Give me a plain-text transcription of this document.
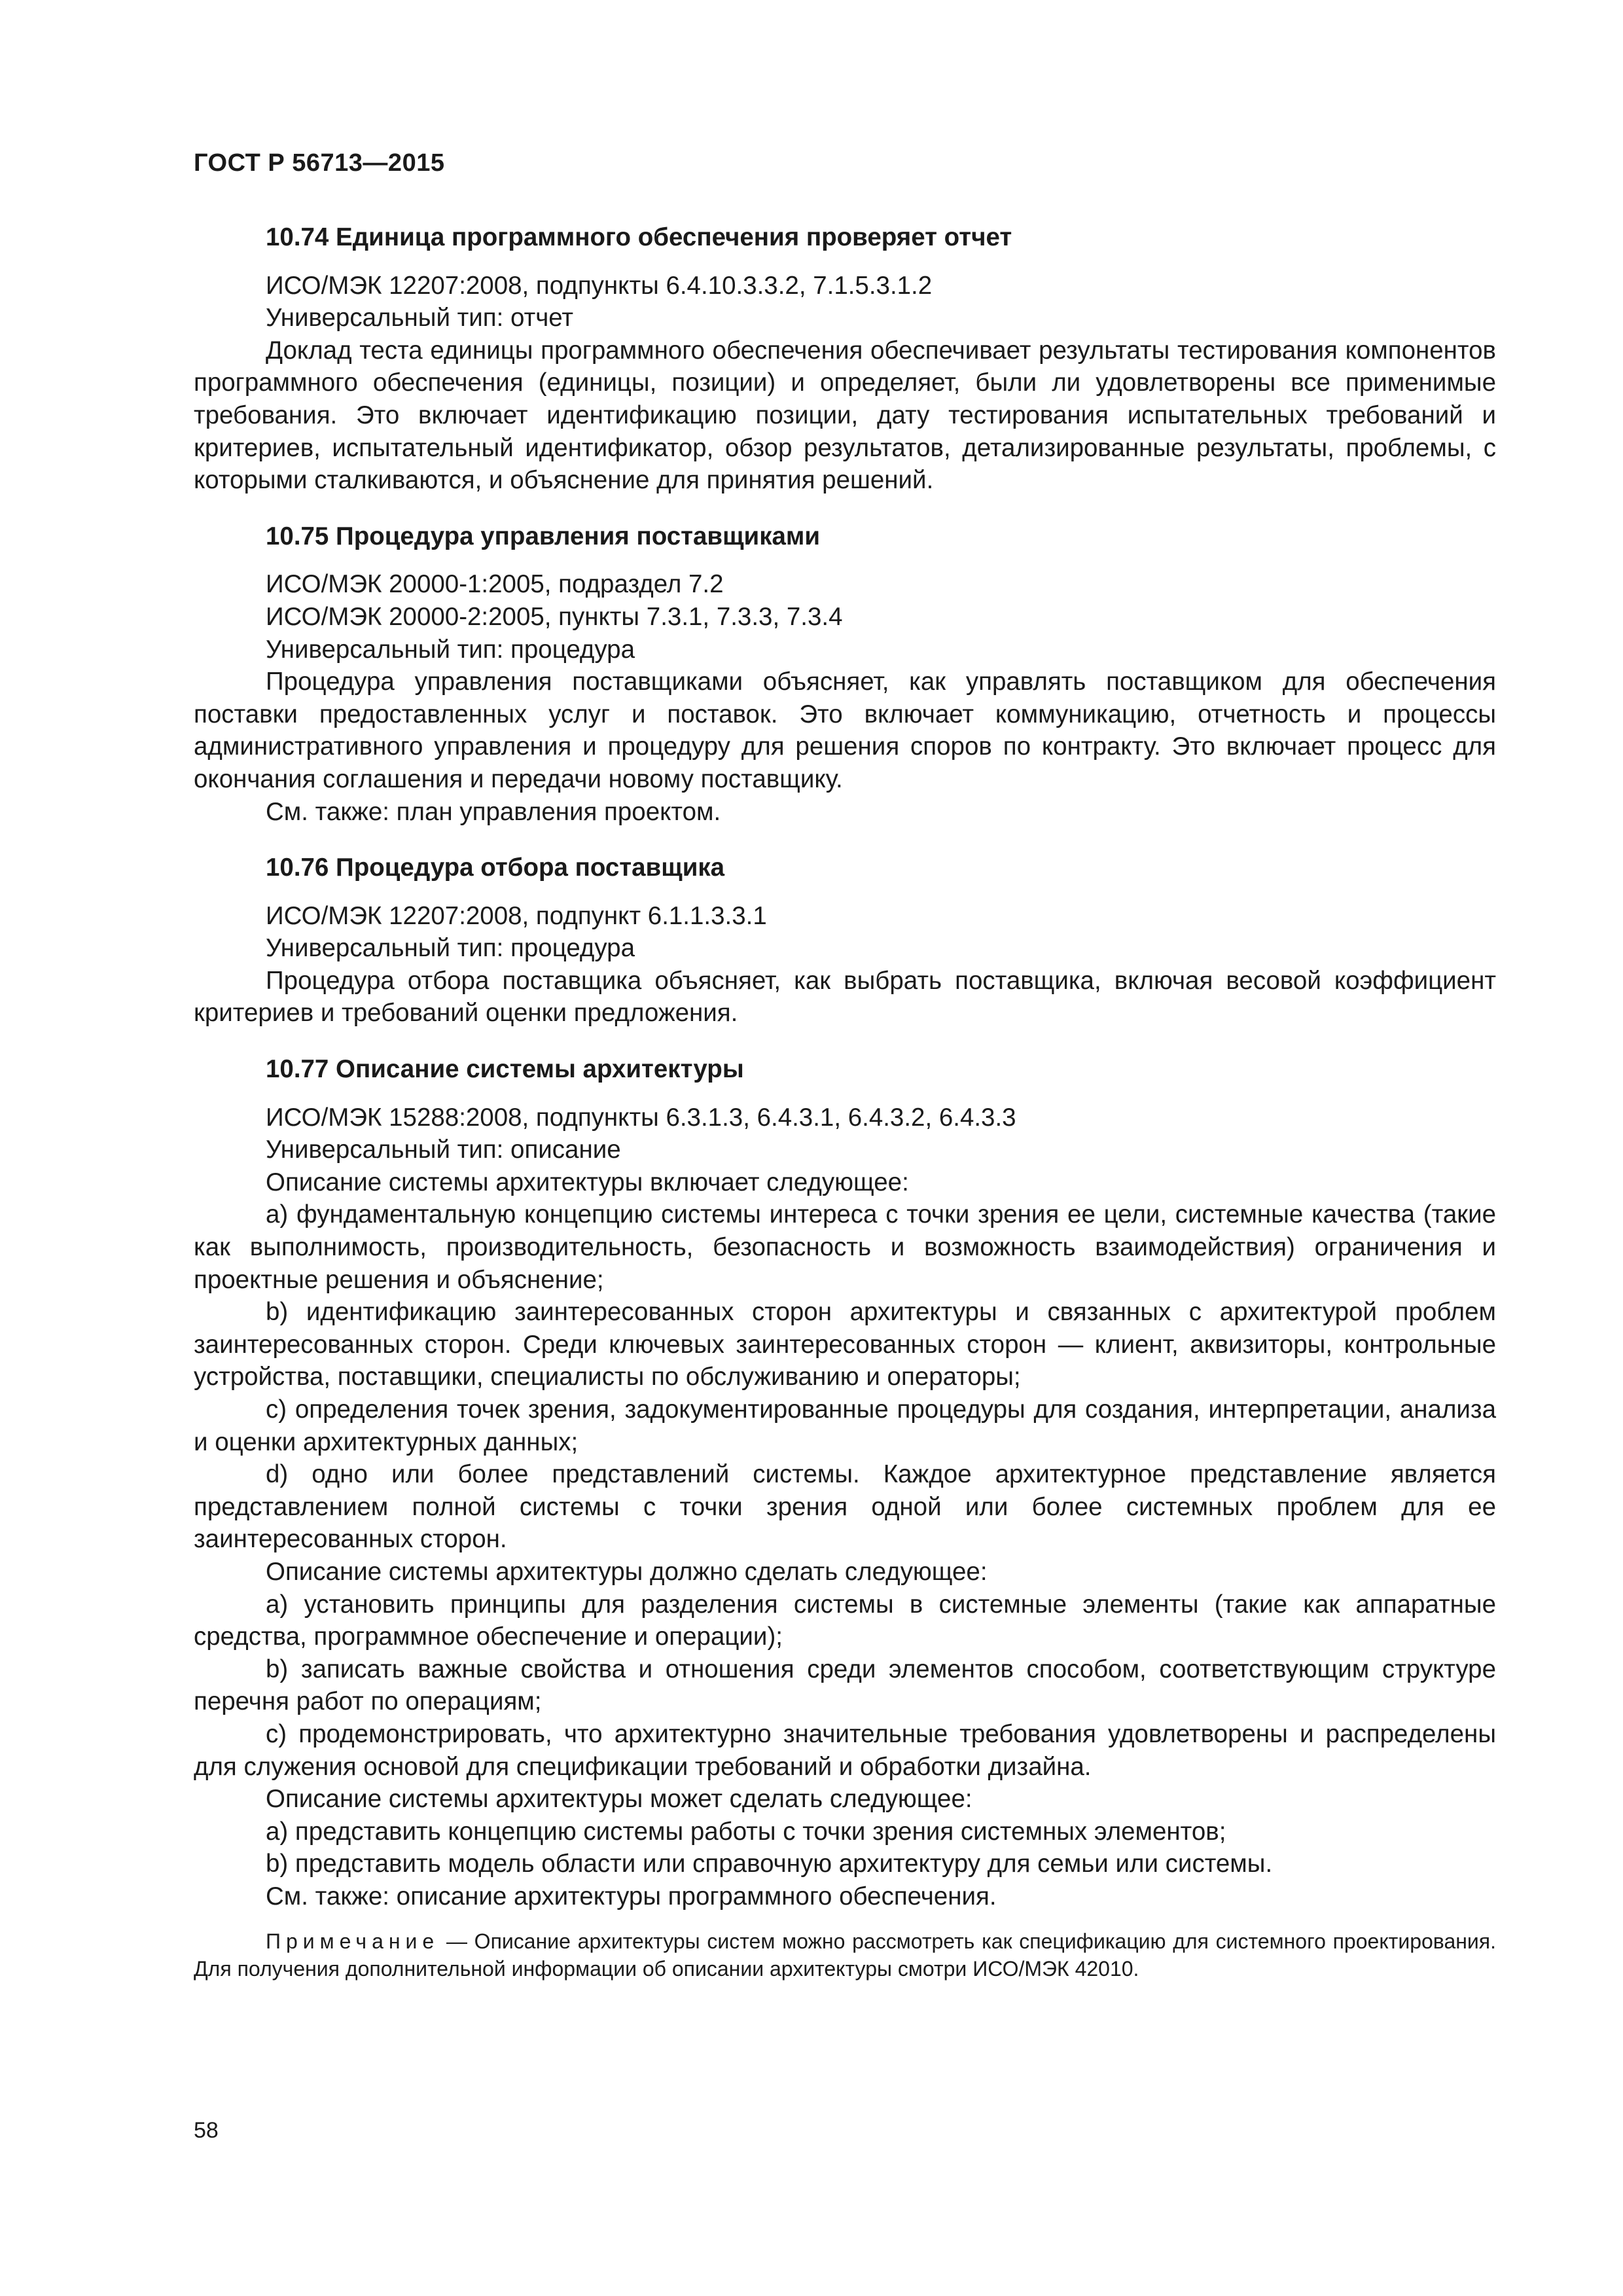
ГОСТ Р 56713—2015
10.74 Единица программного обеспечения проверяет отчет
ИСО/МЭК 12207:2008, подпункты 6.4.10.3.3.2, 7.1.5.3.1.2
Универсальный тип: отчет
Доклад теста единицы программного обеспечения обеспечивает результаты тестирования компонентов программного обеспечения (единицы, позиции) и определяет, были ли удовлетворены все применимые требования. Это включает идентификацию позиции, дату тестирования испытательных требований и критериев, испытательный идентификатор, обзор результатов, детализированные результаты, проблемы, с которыми сталкиваются, и объяснение для принятия решений.
10.75 Процедура управления поставщиками
ИСО/МЭК 20000-1:2005, подраздел 7.2
ИСО/МЭК 20000-2:2005, пункты 7.3.1, 7.3.3, 7.3.4
Универсальный тип: процедура
Процедура управления поставщиками объясняет, как управлять поставщиком для обеспечения поставки предоставленных услуг и поставок. Это включает коммуникацию, отчетность и процессы административного управления и процедуру для решения споров по контракту. Это включает процесс для окончания соглашения и передачи новому поставщику.
См. также: план управления проектом.
10.76 Процедура отбора поставщика
ИСО/МЭК 12207:2008, подпункт 6.1.1.3.3.1
Универсальный тип: процедура
Процедура отбора поставщика объясняет, как выбрать поставщика, включая весовой коэффициент критериев и требований оценки предложения.
10.77 Описание системы архитектуры
ИСО/МЭК 15288:2008, подпункты 6.3.1.3, 6.4.3.1, 6.4.3.2, 6.4.3.3
Универсальный тип: описание
Описание системы архитектуры включает следующее:
a) фундаментальную концепцию системы интереса с точки зрения ее цели, системные качества (такие как выполнимость, производительность, безопасность и возможность взаимодействия) ограничения и проектные решения и объяснение;
b) идентификацию заинтересованных сторон архитектуры и связанных с архитектурой проблем заинтересованных сторон. Среди ключевых заинтересованных сторон — клиент, аквизиторы, контрольные устройства, поставщики, специалисты по обслуживанию и операторы;
c) определения точек зрения, задокументированные процедуры для создания, интерпретации, анализа и оценки архитектурных данных;
d) одно или более представлений системы. Каждое архитектурное представление является представлением полной системы с точки зрения одной или более системных проблем для ее заинтересованных сторон.
Описание системы архитектуры должно сделать следующее:
a) установить принципы для разделения системы в системные элементы (такие как аппаратные средства, программное обеспечение и операции);
b) записать важные свойства и отношения среди элементов способом, соответствующим структуре перечня работ по операциям;
c) продемонстрировать, что архитектурно значительные требования удовлетворены и распределены для служения основой для спецификации требований и обработки дизайна.
Описание системы архитектуры может сделать следующее:
a) представить концепцию системы работы с точки зрения системных элементов;
b) представить модель области или справочную архитектуру для семьи или системы.
См. также: описание архитектуры программного обеспечения.
Примечание — Описание архитектуры систем можно рассмотреть как спецификацию для системного проектирования. Для получения дополнительной информации об описании архитектуры смотри ИСО/МЭК 42010.
58
